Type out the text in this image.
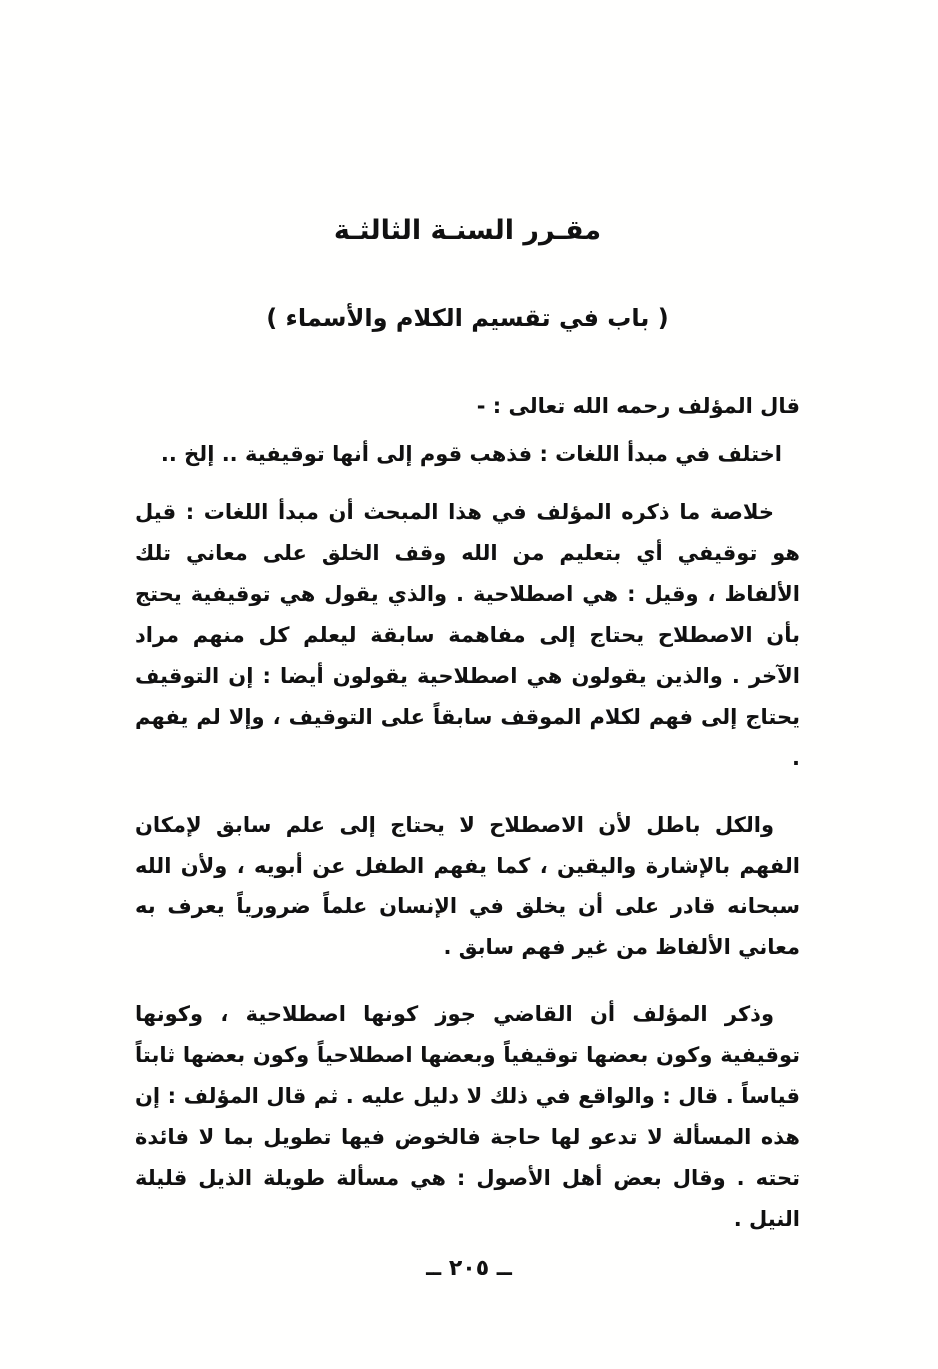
مقـرر السنـة الثالثـة
( باب في تقسيم الكلام والأسماء )

قال المؤلف رحمه الله تعالى : -

اختلف في مبدأ اللغات : فذهب قوم إلى أنها توقيفية .. إلخ ..

خلاصة ما ذكره المؤلف في هذا المبحث أن مبدأ اللغات : قيل هو توقيفي أي بتعليم من الله وقف الخلق على معاني تلك الألفاظ ، وقيل : هي اصطلاحية . والذي يقول هي توقيفية يحتج بأن الاصطلاح يحتاج إلى مفاهمة سابقة ليعلم كل منهم مراد الآخر . والذين يقولون هي اصطلاحية يقولون أيضا : إن التوقيف يحتاج إلى فهم لكلام الموقف سابقاً على التوقيف ، وإلا لم يفهم .

والكل باطل لأن الاصطلاح لا يحتاج إلى علم سابق لإمكان الفهم بالإشارة واليقين ، كما يفهم الطفل عن أبويه ، ولأن الله سبحانه قادر على أن يخلق في الإنسان علماً ضرورياً يعرف به معاني الألفاظ من غير فهم سابق .

وذكر المؤلف أن القاضي جوز كونها اصطلاحية ، وكونها توقيفية وكون بعضها توقيفياً وبعضها اصطلاحياً وكون بعضها ثابتاً قياساً . قال : والواقع في ذلك لا دليل عليه . ثم قال المؤلف : إن هذه المسألة لا تدعو لها حاجة فالخوض فيها تطويل بما لا فائدة تحته . وقال بعض أهل الأصول : هي مسألة طويلة الذيل قليلة النيل .

ــ ٢٠٥ ــ
